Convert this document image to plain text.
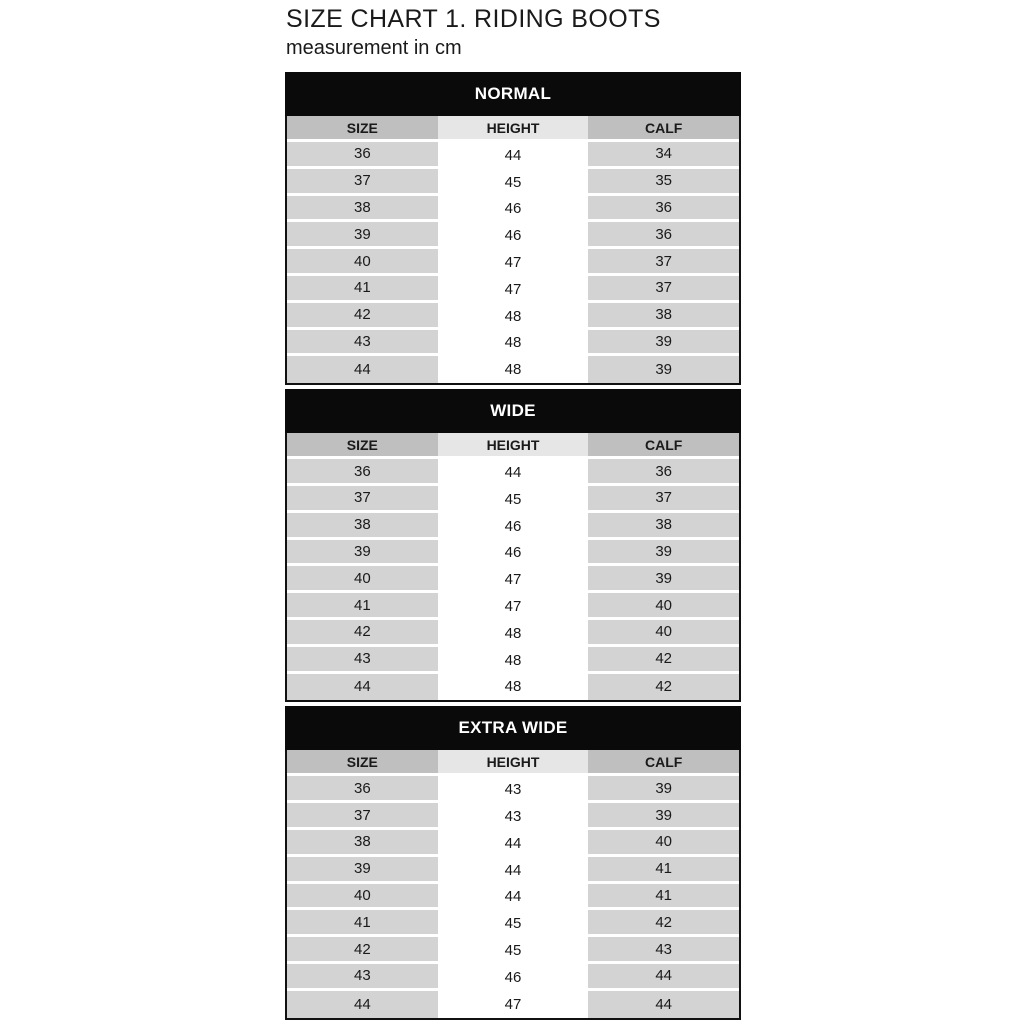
SIZE CHART 1. RIDING BOOTS

measurement in cm

NORMAL
SIZE	HEIGHT	CALF
36	44	34
37	45	35
38	46	36
39	46	36
40	47	37
41	47	37
42	48	38
43	48	39
44	48	39
WIDE
SIZE	HEIGHT	CALF
36	44	36
37	45	37
38	46	38
39	46	39
40	47	39
41	47	40
42	48	40
43	48	42
44	48	42
EXTRA WIDE
SIZE	HEIGHT	CALF
36	43	39
37	43	39
38	44	40
39	44	41
40	44	41
41	45	42
42	45	43
43	46	44
44	47	44
